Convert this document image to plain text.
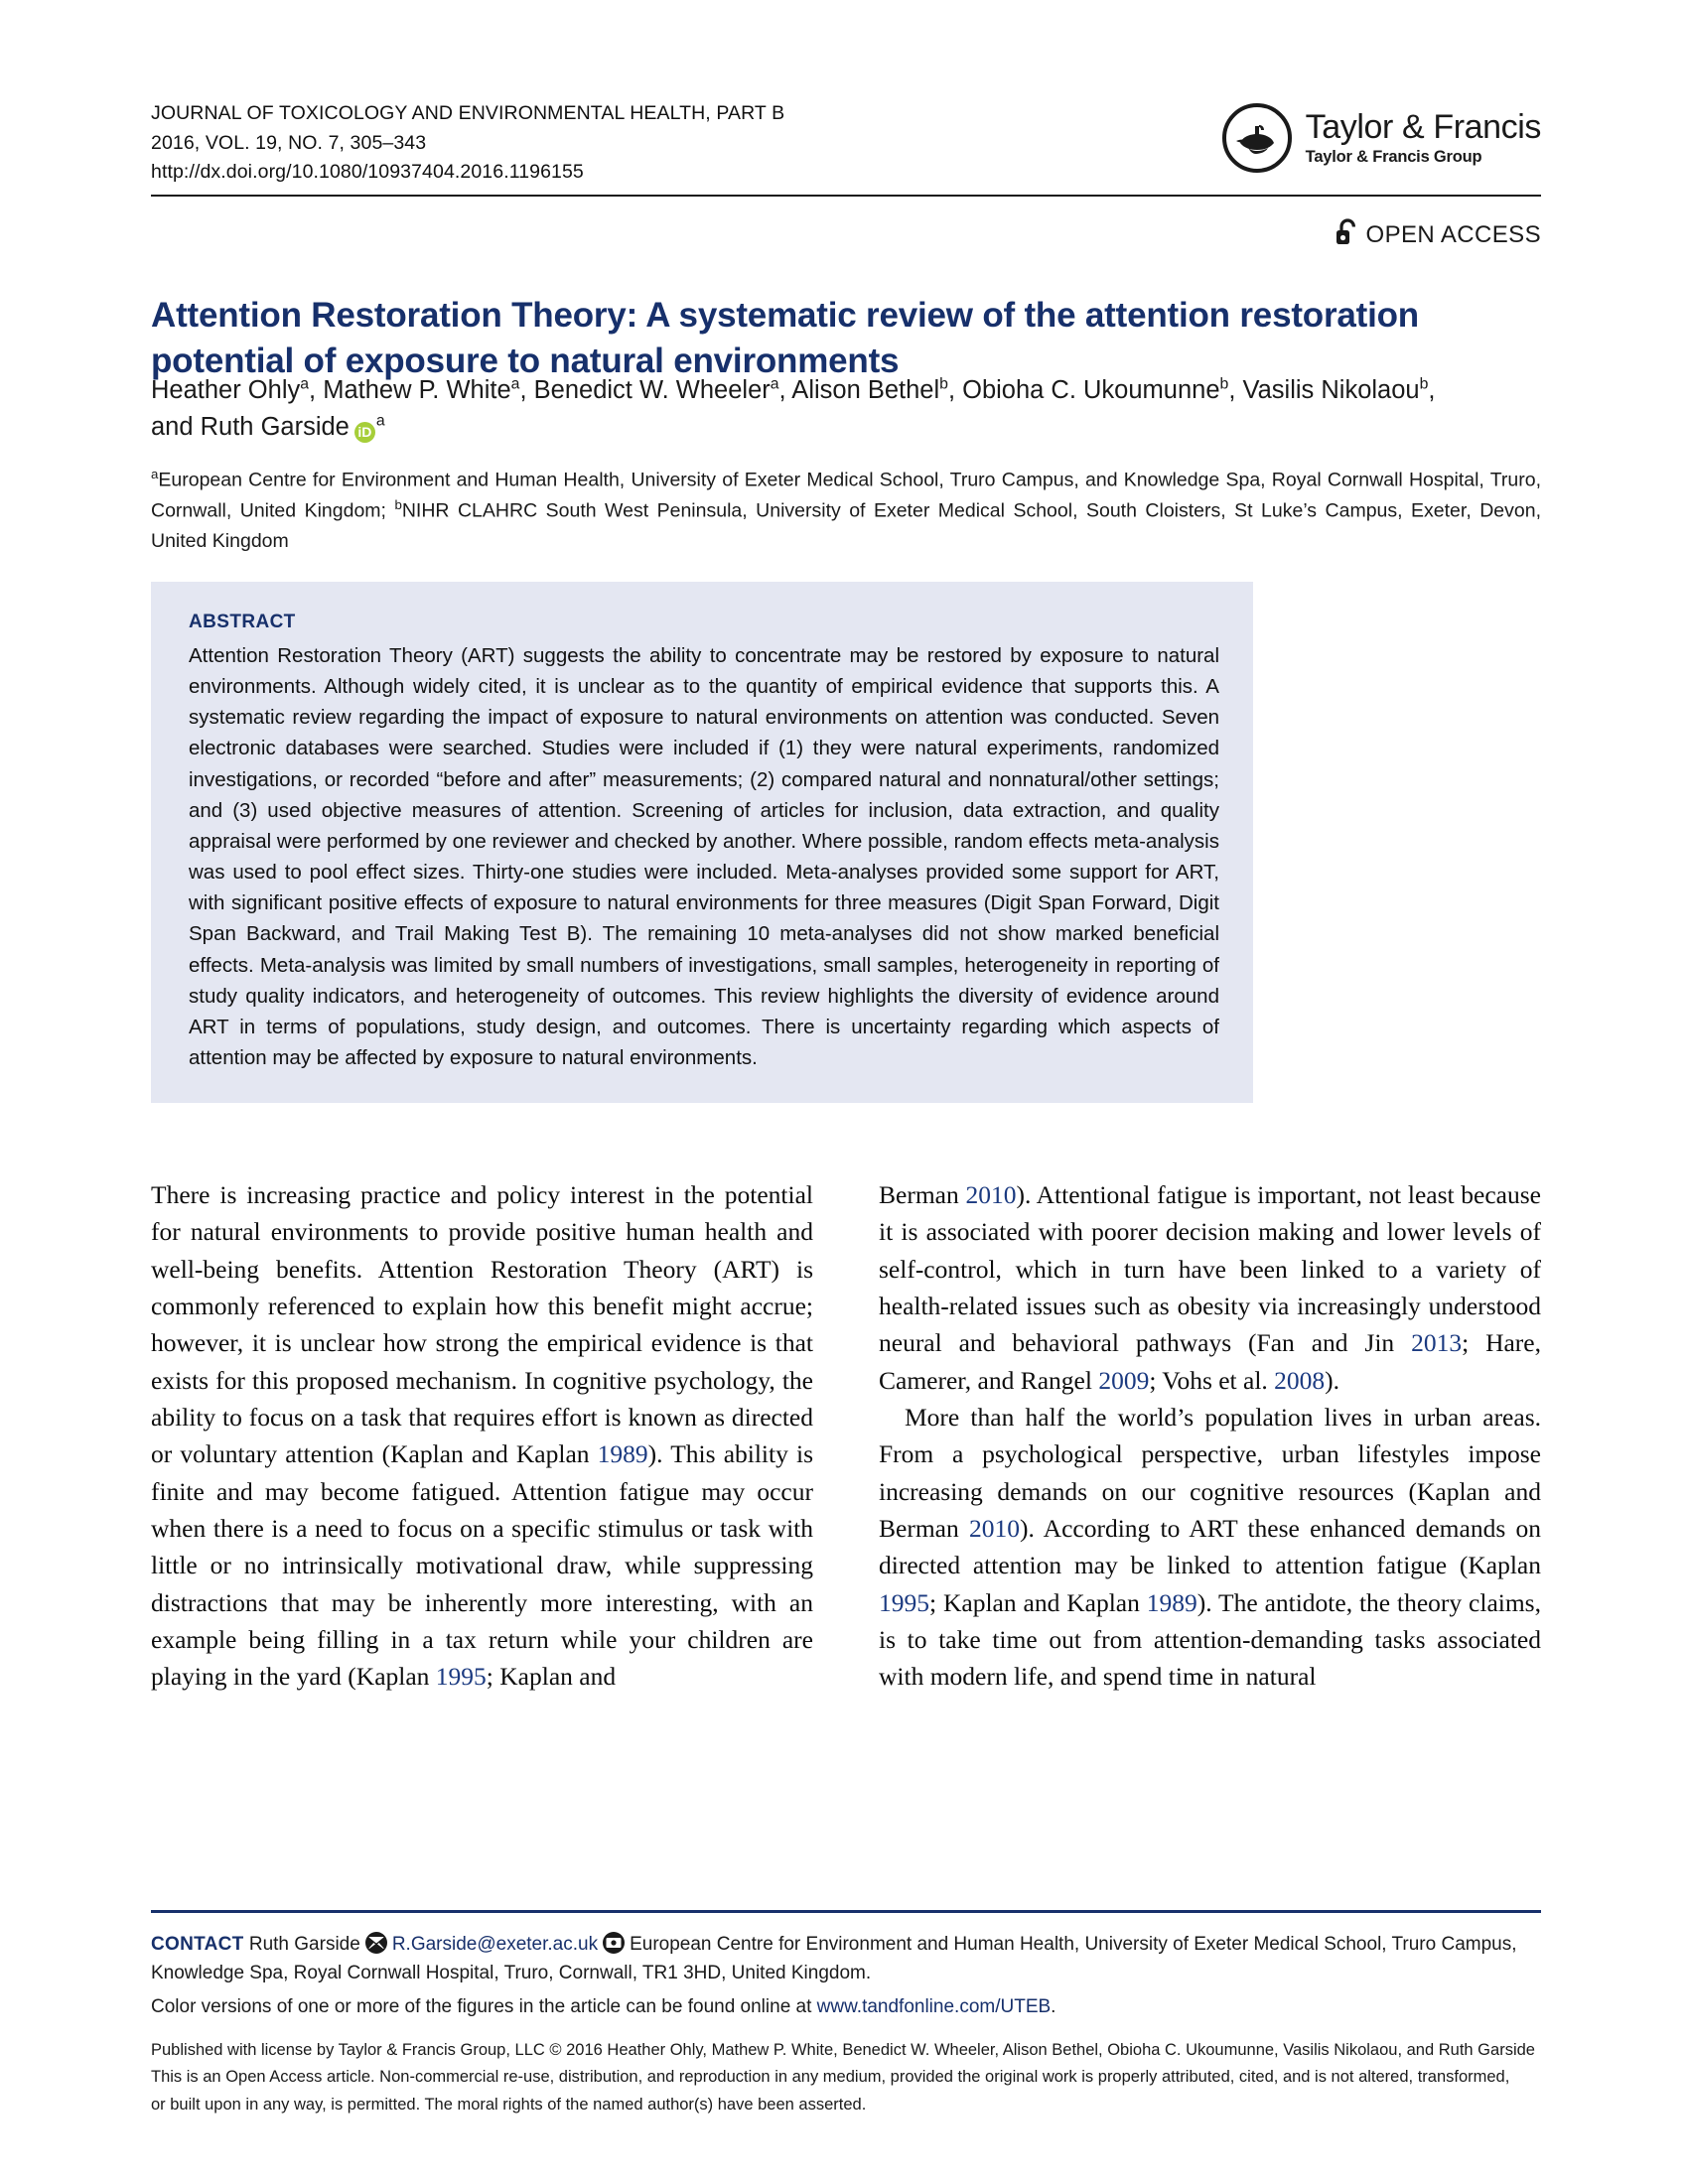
JOURNAL OF TOXICOLOGY AND ENVIRONMENTAL HEALTH, PART B
2016, VOL. 19, NO. 7, 305–343
http://dx.doi.org/10.1080/10937404.2016.1196155
Taylor & Francis
Taylor & Francis Group
OPEN ACCESS
Attention Restoration Theory: A systematic review of the attention restoration potential of exposure to natural environments
Heather Ohly$^a$, Mathew P. White$^a$, Benedict W. Wheeler$^a$, Alison Bethel$^b$, Obioha C. Ukoumunne$^b$, Vasilis Nikolaou$^b$, and Ruth Garside $iD^a$
$^a$European Centre for Environment and Human Health, University of Exeter Medical School, Truro Campus, and Knowledge Spa, Royal Cornwall Hospital, Truro, Cornwall, United Kingdom; $^b$NIHR CLAHRC South West Peninsula, University of Exeter Medical School, South Cloisters, St Luke’s Campus, Exeter, Devon, United Kingdom
ABSTRACT
Attention Restoration Theory (ART) suggests the ability to concentrate may be restored by exposure to natural environments. Although widely cited, it is unclear as to the quantity of empirical evidence that supports this. A systematic review regarding the impact of exposure to natural environments on attention was conducted. Seven electronic databases were searched. Studies were included if (1) they were natural experiments, randomized investigations, or recorded “before and after” measurements; (2) compared natural and nonnatural/other settings; and (3) used objective measures of attention. Screening of articles for inclusion, data extraction, and quality appraisal were performed by one reviewer and checked by another. Where possible, random effects meta-analysis was used to pool effect sizes. Thirty-one studies were included. Meta-analyses provided some support for ART, with significant positive effects of exposure to natural environments for three measures (Digit Span Forward, Digit Span Backward, and Trail Making Test B). The remaining 10 meta-analyses did not show marked beneficial effects. Meta-analysis was limited by small numbers of investigations, small samples, heterogeneity in reporting of study quality indicators, and heterogeneity of outcomes. This review highlights the diversity of evidence around ART in terms of populations, study design, and outcomes. There is uncertainty regarding which aspects of attention may be affected by exposure to natural environments.

There is increasing practice and policy interest in the potential for natural environments to provide positive human health and well-being benefits. Attention Restoration Theory (ART) is commonly referenced to explain how this benefit might accrue; however, it is unclear how strong the empirical evidence is that exists for this proposed mechanism. In cognitive psychology, the ability to focus on a task that requires effort is known as directed or voluntary attention (Kaplan and Kaplan 1989). This ability is finite and may become fatigued. Attention fatigue may occur when there is a need to focus on a specific stimulus or task with little or no intrinsically motivational draw, while suppressing distractions that may be inherently more interesting, with an example being filling in a tax return while your children are playing in the yard (Kaplan 1995; Kaplan and

Berman 2010). Attentional fatigue is important, not least because it is associated with poorer decision making and lower levels of self-control, which in turn have been linked to a variety of health-related issues such as obesity via increasingly understood neural and behavioral pathways (Fan and Jin 2013; Hare, Camerer, and Rangel 2009; Vohs et al. 2008).

More than half the world’s population lives in urban areas. From a psychological perspective, urban lifestyles impose increasing demands on our cognitive resources (Kaplan and Berman 2010). According to ART these enhanced demands on directed attention may be linked to attention fatigue (Kaplan 1995; Kaplan and Kaplan 1989). The antidote, the theory claims, is to take time out from attention-demanding tasks associated with modern life, and spend time in natural

CONTACT Ruth Garside R.Garside@exeter.ac.uk European Centre for Environment and Human Health, University of Exeter Medical School, Truro Campus, Knowledge Spa, Royal Cornwall Hospital, Truro, Cornwall, TR1 3HD, United Kingdom.
Color versions of one or more of the figures in the article can be found online at www.tandfonline.com/UTEB.
Published with license by Taylor & Francis Group, LLC © 2016 Heather Ohly, Mathew P. White, Benedict W. Wheeler, Alison Bethel, Obioha C. Ukoumunne, Vasilis Nikolaou, and Ruth Garside
This is an Open Access article. Non-commercial re-use, distribution, and reproduction in any medium, provided the original work is properly attributed, cited, and is not altered, transformed,
or built upon in any way, is permitted. The moral rights of the named author(s) have been asserted.
